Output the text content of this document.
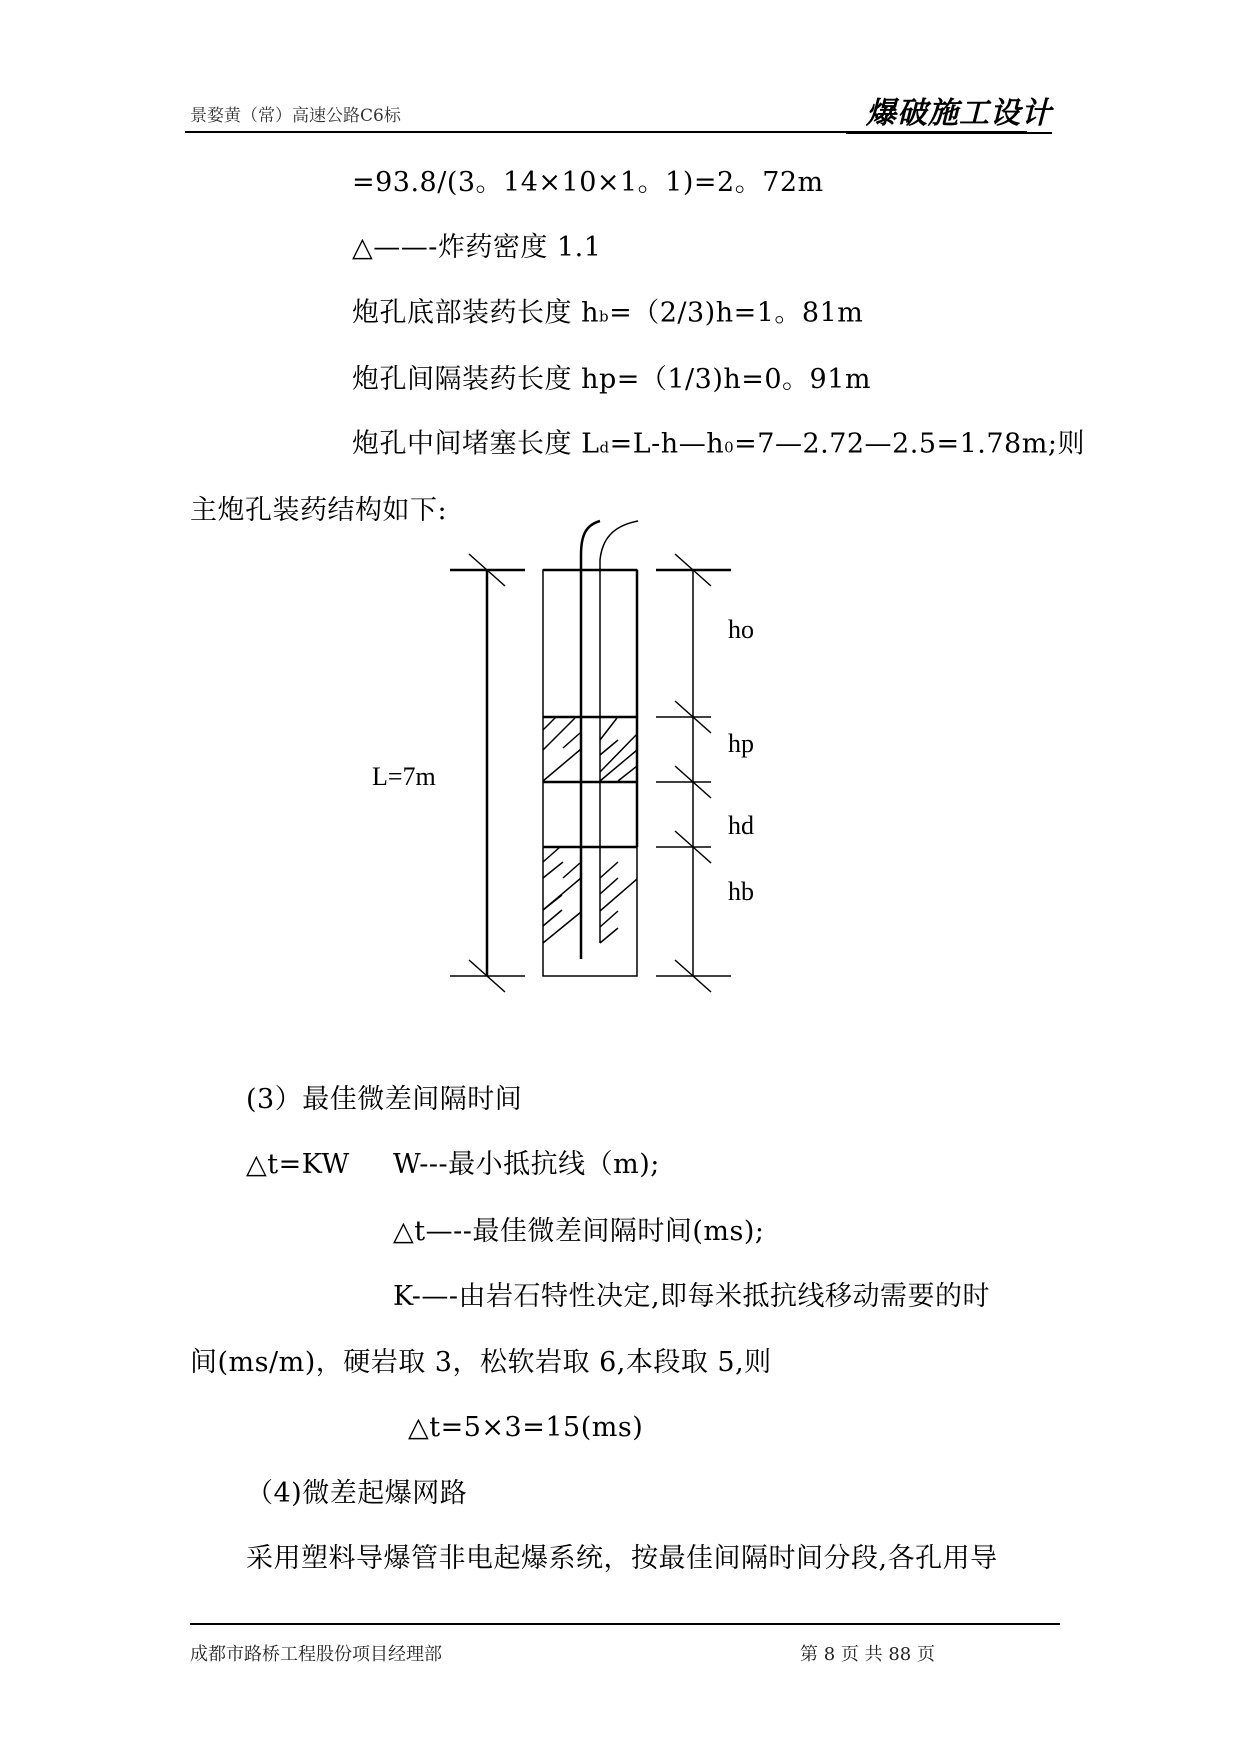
景婺黄（常）高速公路C6标	爆破施工设计
=93.8/(3。14×10×1。1)=2。72m
△——-炸药密度 1.1
炮孔底部装药长度 hb=（2/3)h=1。81m
炮孔间隔装药长度 hp=（1/3)h=0。91m
炮孔中间堵塞长度 Ld=L-h—h0=7—2.72—2.5=1.78m;则
主炮孔装药结构如下:
L=7m
ho
hp
hd
hb
(3）最佳微差间隔时间
△t=KW W---最小抵抗线（m);
△t—--最佳微差间隔时间(ms);
K-—-由岩石特性决定,即每米抵抗线移动需要的时
间(ms/m)，硬岩取 3，松软岩取 6,本段取 5,则
△t=5×3=15(ms)
（4)微差起爆网路
采用塑料导爆管非电起爆系统，按最佳间隔时间分段,各孔用导
成都市路桥工程股份项目经理部	第 8 页 共 88 页
